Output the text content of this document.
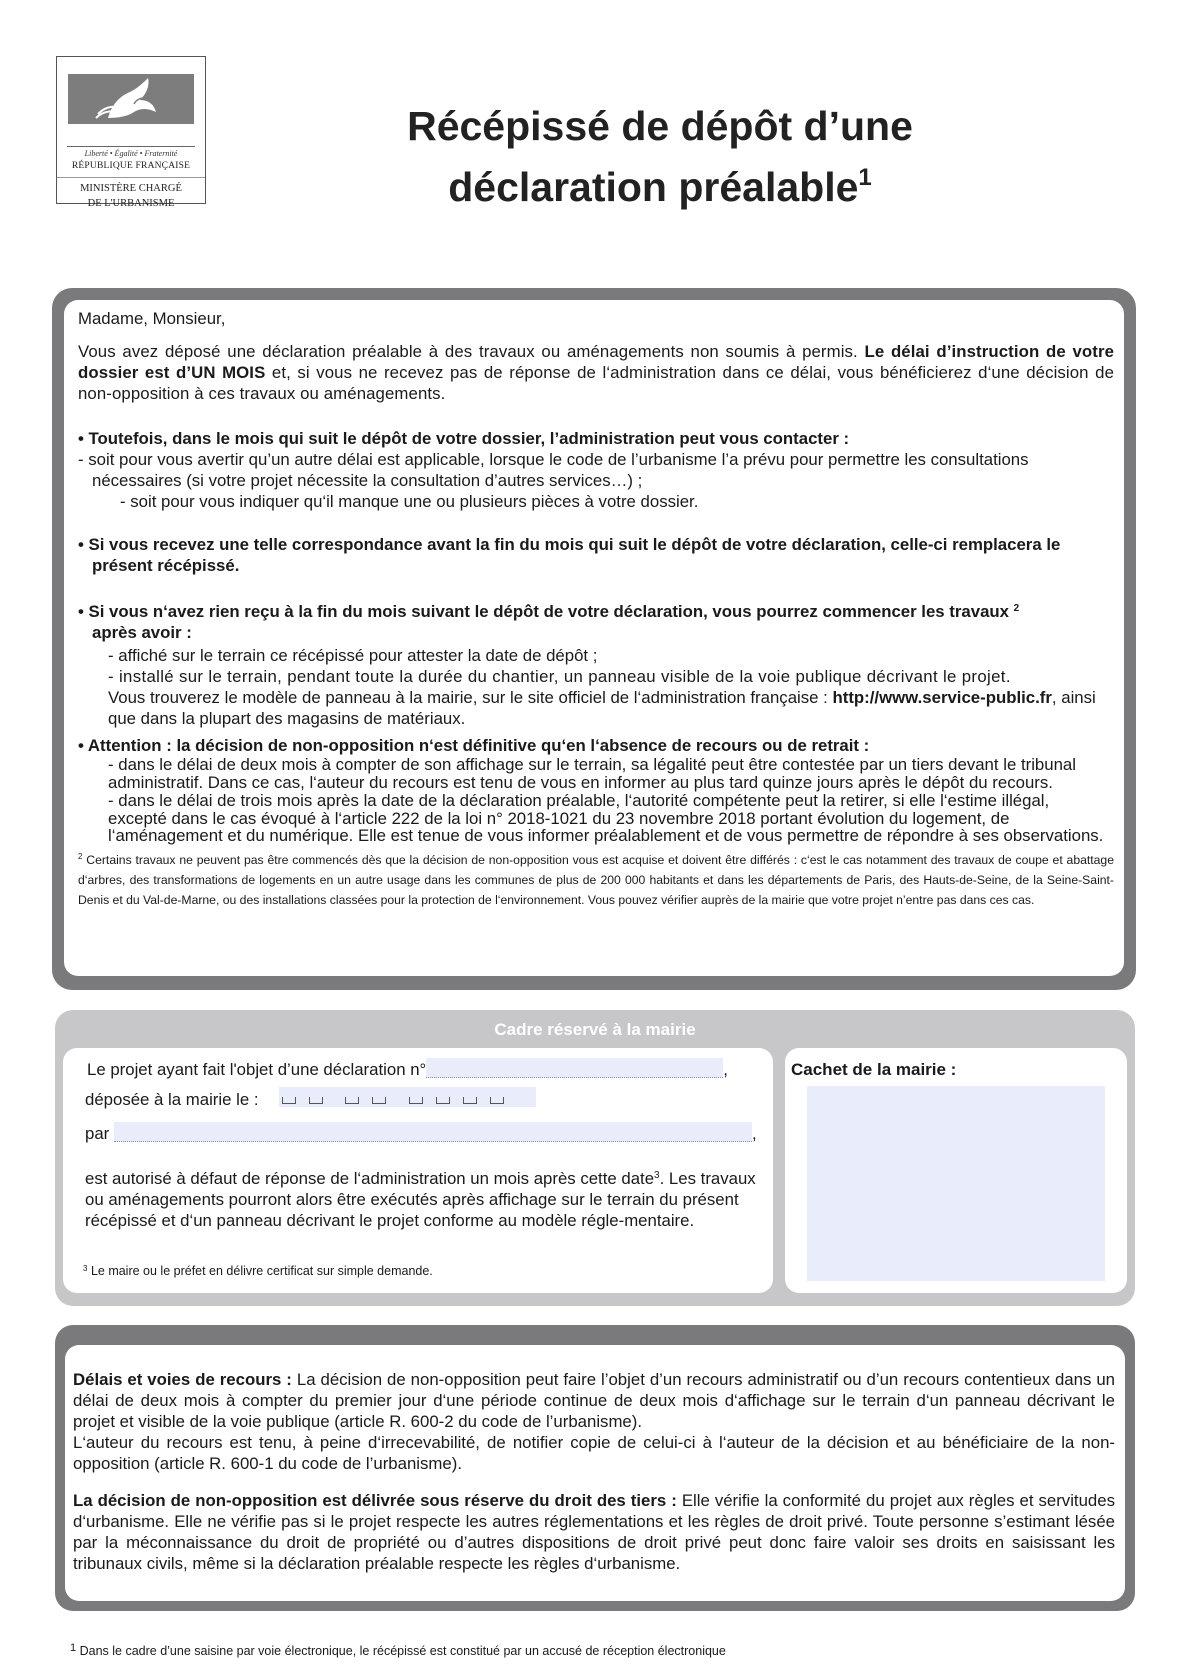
Liberté • Égalité • Fraternité
RÉPUBLIQUE FRANÇAISE
MINISTÈRE CHARGÉ
DE L'URBANISME
Récépissé de dépôt d’une
déclaration préalable$^1$
Madame, Monsieur,
Vous avez déposé une déclaration préalable à des travaux ou aménagements non soumis à permis. Le délai d’instruction de votre dossier est d’UN MOIS et, si vous ne recevez pas de réponse de l‘administration dans ce délai, vous bénéficierez d‘une décision de non-opposition à ces travaux ou aménagements.
• Toutefois, dans le mois qui suit le dépôt de votre dossier, l’administration peut vous contacter :
- soit pour vous avertir qu’un autre délai est applicable, lorsque le code de l’urbanisme l’a prévu pour permettre les consultations nécessaires (si votre projet nécessite la consultation d’autres services…) ;
- soit pour vous indiquer qu‘il manque une ou plusieurs pièces à votre dossier.
• Si vous recevez une telle correspondance avant la fin du mois qui suit le dépôt de votre déclaration, celle-ci remplacera le présent récépissé.
• Si vous n‘avez rien reçu à la fin du mois suivant le dépôt de votre déclaration, vous pourrez commencer les travaux $^2$
après avoir :
- affiché sur le terrain ce récépissé pour attester la date de dépôt ;
- installé sur le terrain, pendant toute la durée du chantier, un panneau visible de la voie publique décrivant le projet.
Vous trouverez le modèle de panneau à la mairie, sur le site officiel de l‘administration française : http://www.service-public.fr, ainsi que dans la plupart des magasins de matériaux.
• Attention : la décision de non-opposition n‘est définitive qu‘en l‘absence de recours ou de retrait :
- dans le délai de deux mois à compter de son affichage sur le terrain, sa légalité peut être contestée par un tiers devant le tribunal administratif. Dans ce cas, l‘auteur du recours est tenu de vous en informer au plus tard quinze jours après le dépôt du recours.
- dans le délai de trois mois après la date de la déclaration préalable, l‘autorité compétente peut la retirer, si elle l‘estime illégal, excepté dans le cas évoqué à l‘article 222 de la loi n° 2018-1021 du 23 novembre 2018 portant évolution du logement, de l‘aménagement et du numérique. Elle est tenue de vous informer préalablement et de vous permettre de répondre à ses observations.
$^2$ Certains travaux ne peuvent pas être commencés dès que la décision de non-opposition vous est acquise et doivent être différés : c‘est le cas notamment des travaux de coupe et abattage d‘arbres, des transformations de logements en un autre usage dans les communes de plus de 200 000 habitants et dans les départements de Paris, des Hauts-de-Seine, de la Seine-Saint-Denis et du Val-de-Marne, ou des installations classées pour la protection de l‘environnement. Vous pouvez vérifier auprès de la mairie que votre projet n’entre pas dans ces cas.
Cadre réservé à la mairie
Le projet ayant fait l'objet d’une déclaration n°	,
déposée à la mairie le :
par	,
est autorisé à défaut de réponse de l‘administration un mois après cette date$^3$. Les travaux ou aménagements pourront alors être exécutés après affichage sur le terrain du présent récépissé et d‘un panneau décrivant le projet conforme au modèle régle-mentaire.
$^3$ Le maire ou le préfet en délivre certificat sur simple demande.
Cachet de la mairie :
Délais et voies de recours : La décision de non-opposition peut faire l’objet d’un recours administratif ou d’un recours contentieux dans un délai de deux mois à compter du premier jour d‘une période continue de deux mois d‘affichage sur le terrain d‘un panneau décrivant le projet et visible de la voie publique (article R. 600-2 du code de l’urbanisme).
L‘auteur du recours est tenu, à peine d‘irrecevabilité, de notifier copie de celui-ci à l‘auteur de la décision et au bénéficiaire de la non-opposition (article R. 600-1 du code de l’urbanisme).
La décision de non-opposition est délivrée sous réserve du droit des tiers : Elle vérifie la conformité du projet aux règles et servitudes d‘urbanisme. Elle ne vérifie pas si le projet respecte les autres réglementations et les règles de droit privé. Toute personne s’estimant lésée par la méconnaissance du droit de propriété ou d’autres dispositions de droit privé peut donc faire valoir ses droits en saisissant les tribunaux civils, même si la déclaration préalable respecte les règles d‘urbanisme.
$^1$ Dans le cadre d’une saisine par voie électronique, le récépissé est constitué par un accusé de réception électronique
